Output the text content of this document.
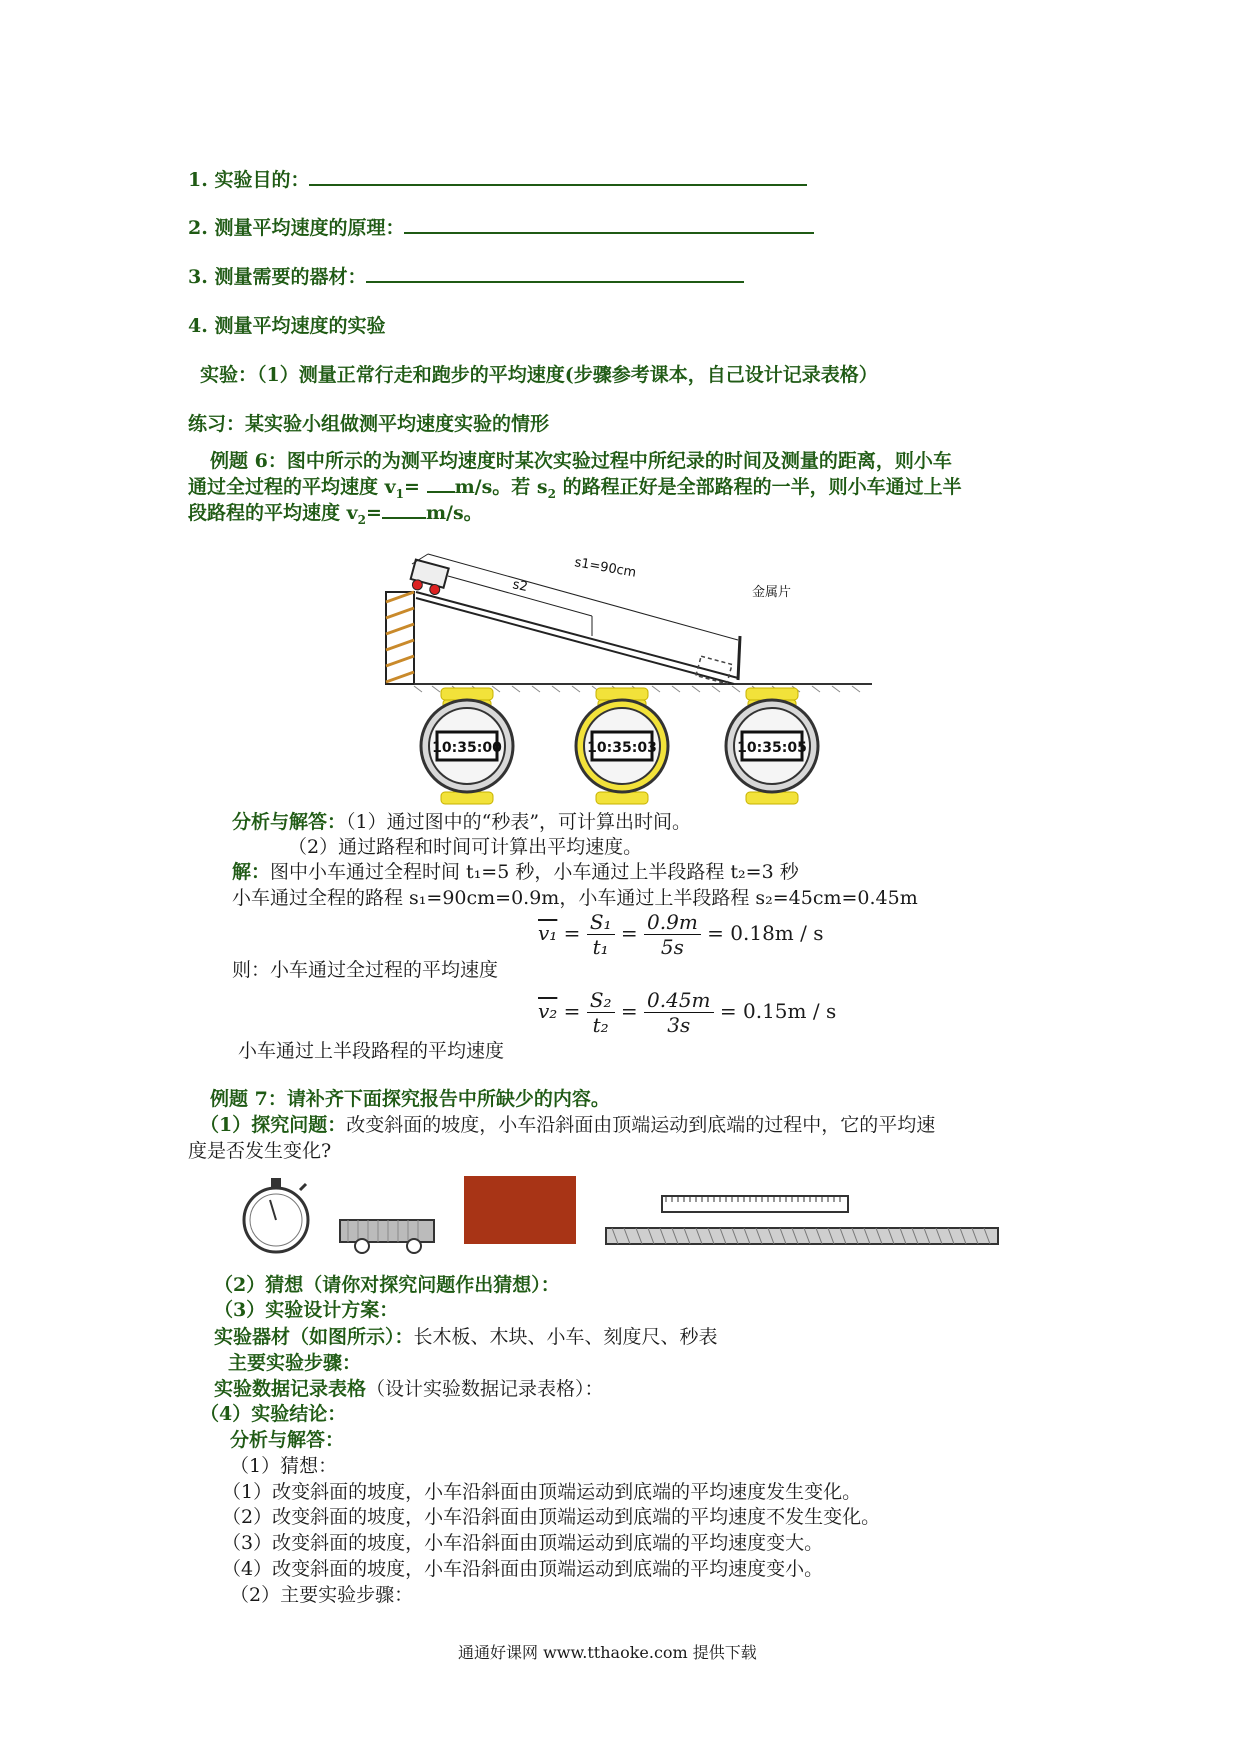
1. 实验目的：
2. 测量平均速度的原理：
3. 测量需要的器材：
4. 测量平均速度的实验
实验：（1）测量正常行走和跑步的平均速度(步骤参考课本，自己设计记录表格）
练习：某实验小组做测平均速度实验的情形
例题 6：图中所示的为测平均速度时某次实验过程中所纪录的时间及测量的距离，则小车
通过全过程的平均速度 $v_1= m/s$。若 $s_2$ 的路程正好是全部路程的一半，则小车通过上半
段路程的平均速度 $v_2= m/s$。
金属片
s1=90cm
s2
10:35:00	10:35:03	10:35:05
分析与解答：（1）通过图中的“秒表”，可计算出时间。
（2）通过路程和时间可计算出平均速度。
解：图中小车通过全程时间 t₁=5 秒，小车通过上半段路程 t₂=3 秒
小车通过全程的路程 s₁=90cm=0.9m，小车通过上半段路程 s₂=45cm=0.45m
$v_1 = \frac{\text{S₁}}{\text{t₁}} = \frac{0.9m}{5s} = 0.18m / s$
则：小车通过全过程的平均速度
$v_2 = \frac{\text{S₂}}{\text{t₂}} = \frac{0.45m}{3s} = 0.15m / s$
小车通过上半段路程的平均速度
例题 7：请补齐下面探究报告中所缺少的内容。
（1）探究问题：改变斜面的坡度，小车沿斜面由顶端运动到底端的过程中，它的平均速
度是否发生变化?
（2）猜想（请你对探究问题作出猜想）：
（3）实验设计方案：
实验器材（如图所示）：长木板、木块、小车、刻度尺、秒表
主要实验步骤：
实验数据记录表格（设计实验数据记录表格）：
（4）实验结论：
分析与解答：
（1）猜想：
（1）改变斜面的坡度，小车沿斜面由顶端运动到底端的平均速度发生变化。
（2）改变斜面的坡度，小车沿斜面由顶端运动到底端的平均速度不发生变化。
（3）改变斜面的坡度，小车沿斜面由顶端运动到底端的平均速度变大。
（4）改变斜面的坡度，小车沿斜面由顶端运动到底端的平均速度变小。
（2）主要实验步骤：
通通好课网 www.tthaoke.com 提供下载
